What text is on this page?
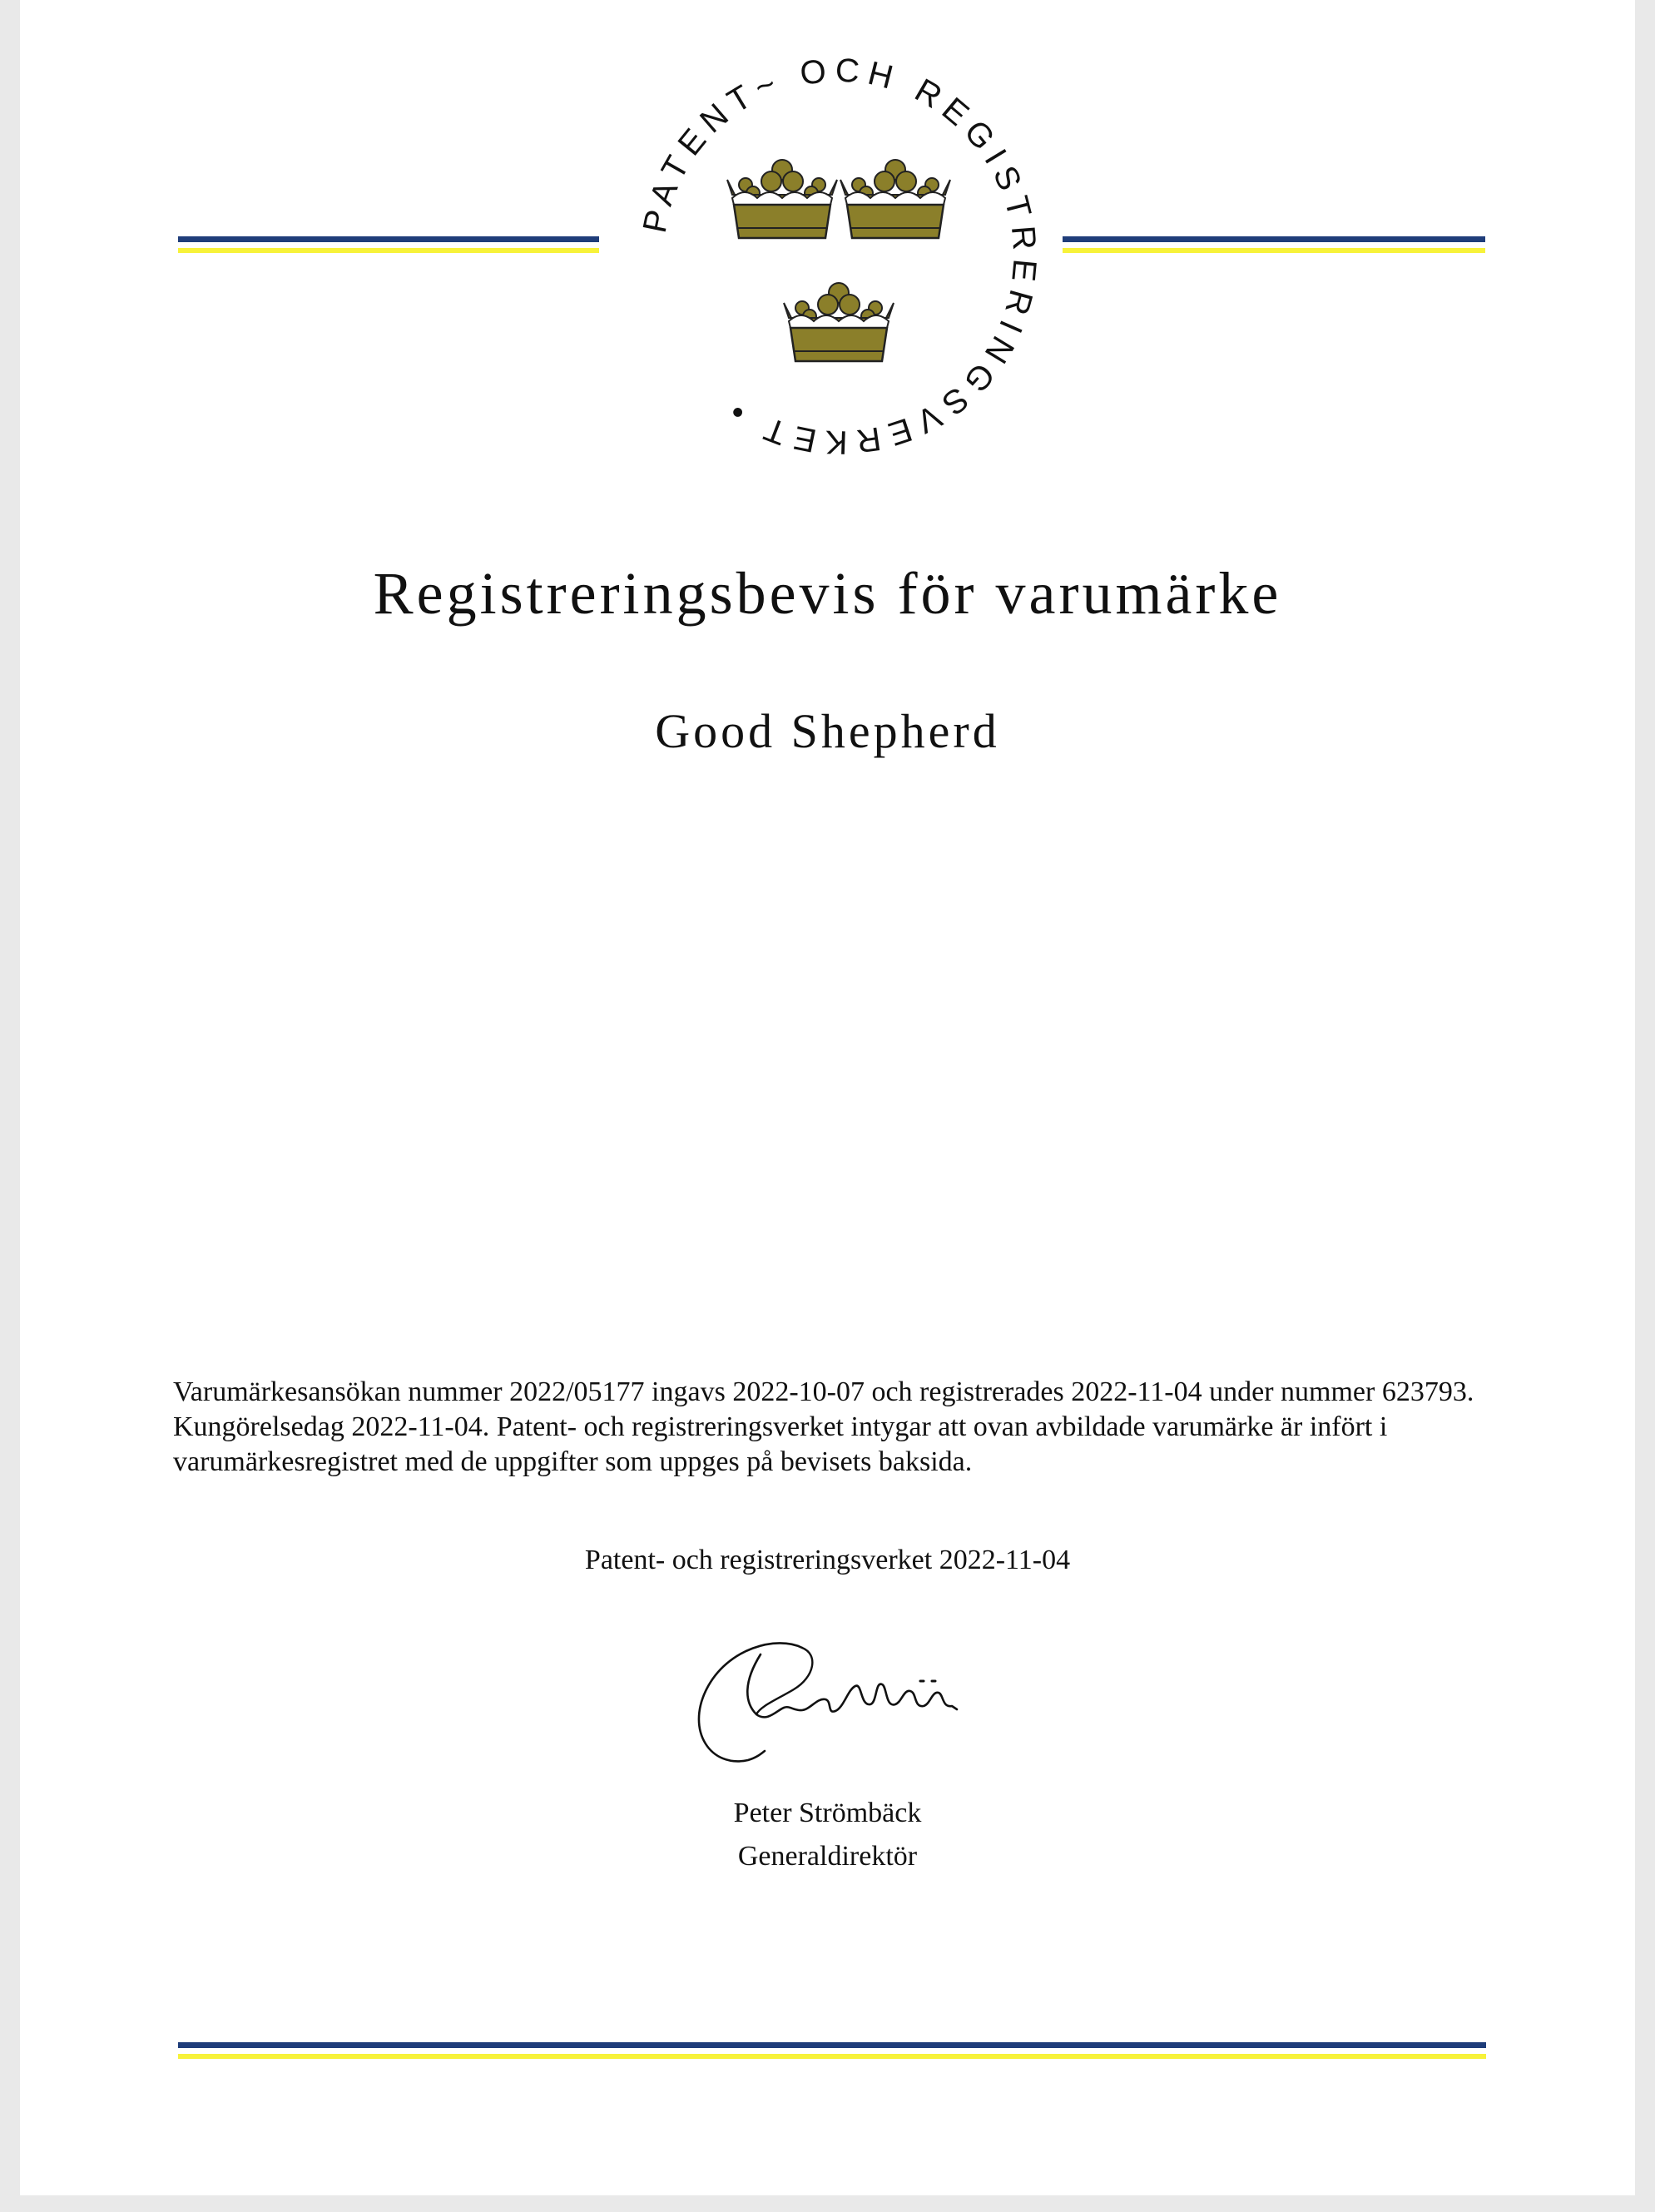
PATENT~ OCH REGISTRERINGSVERKET •
Registreringsbevis för varumärke
Good Shepherd

Varumärkesansökan nummer 2022/05177 ingavs 2022-10-07 och registrerades 2022-11-04 under nummer 623793. Kungörelsedag 2022-11-04. Patent- och registreringsverket intygar att ovan avbildade varumärke är infört i varumärkesregistret med de uppgifter som uppges på bevisets baksida.

Patent- och registreringsverket 2022-11-04
Peter Strömbäck
Generaldirektör
